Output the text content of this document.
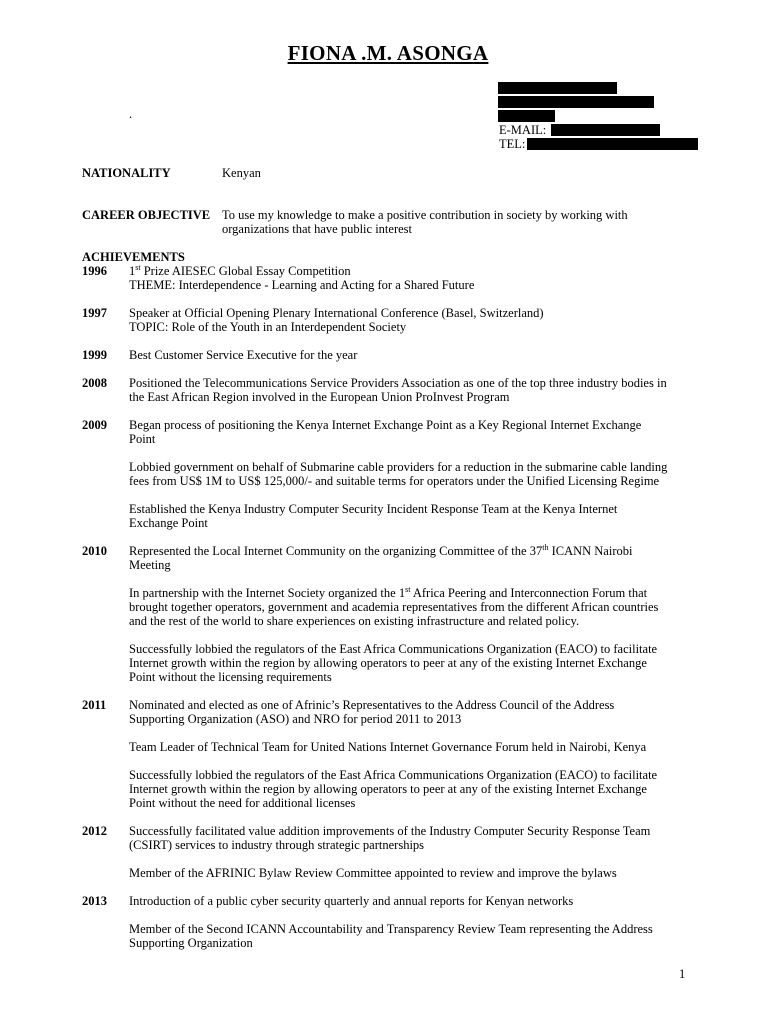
FIONA .M. ASONGA
.
E-MAIL:
TEL:
NATIONALITY	Kenyan
CAREER OBJECTIVE To use my knowledge to make a positive contribution in society by working with
organizations that have public interest
ACHIEVEMENTS
1996	1st Prize AIESEC Global Essay Competition
THEME: Interdependence - Learning and Acting for a Shared Future
1997	Speaker at Official Opening Plenary International Conference (Basel, Switzerland)
TOPIC: Role of the Youth in an Interdependent Society
1999	Best Customer Service Executive for the year
2008	Positioned the Telecommunications Service Providers Association as one of the top three industry bodies in
the East African Region involved in the European Union ProInvest Program
2009	Began process of positioning the Kenya Internet Exchange Point as a Key Regional Internet Exchange
Point
Lobbied government on behalf of Submarine cable providers for a reduction in the submarine cable landing
fees from US$ 1M to US$ 125,000/- and suitable terms for operators under the Unified Licensing Regime
Established the Kenya Industry Computer Security Incident Response Team at the Kenya Internet
Exchange Point
2010	Represented the Local Internet Community on the organizing Committee of the 37th ICANN Nairobi
Meeting
In partnership with the Internet Society organized the 1st Africa Peering and Interconnection Forum that
brought together operators, government and academia representatives from the different African countries
and the rest of the world to share experiences on existing infrastructure and related policy.
Successfully lobbied the regulators of the East Africa Communications Organization (EACO) to facilitate
Internet growth within the region by allowing operators to peer at any of the existing Internet Exchange
Point without the licensing requirements
2011	Nominated and elected as one of Afrinic’s Representatives to the Address Council of the Address
Supporting Organization (ASO) and NRO for period 2011 to 2013
Team Leader of Technical Team for United Nations Internet Governance Forum held in Nairobi, Kenya
Successfully lobbied the regulators of the East Africa Communications Organization (EACO) to facilitate
Internet growth within the region by allowing operators to peer at any of the existing Internet Exchange
Point without the need for additional licenses
2012	Successfully facilitated value addition improvements of the Industry Computer Security Response Team
(CSIRT) services to industry through strategic partnerships
Member of the AFRINIC Bylaw Review Committee appointed to review and improve the bylaws
2013	Introduction of a public cyber security quarterly and annual reports for Kenyan networks
Member of the Second ICANN Accountability and Transparency Review Team representing the Address
Supporting Organization
1
